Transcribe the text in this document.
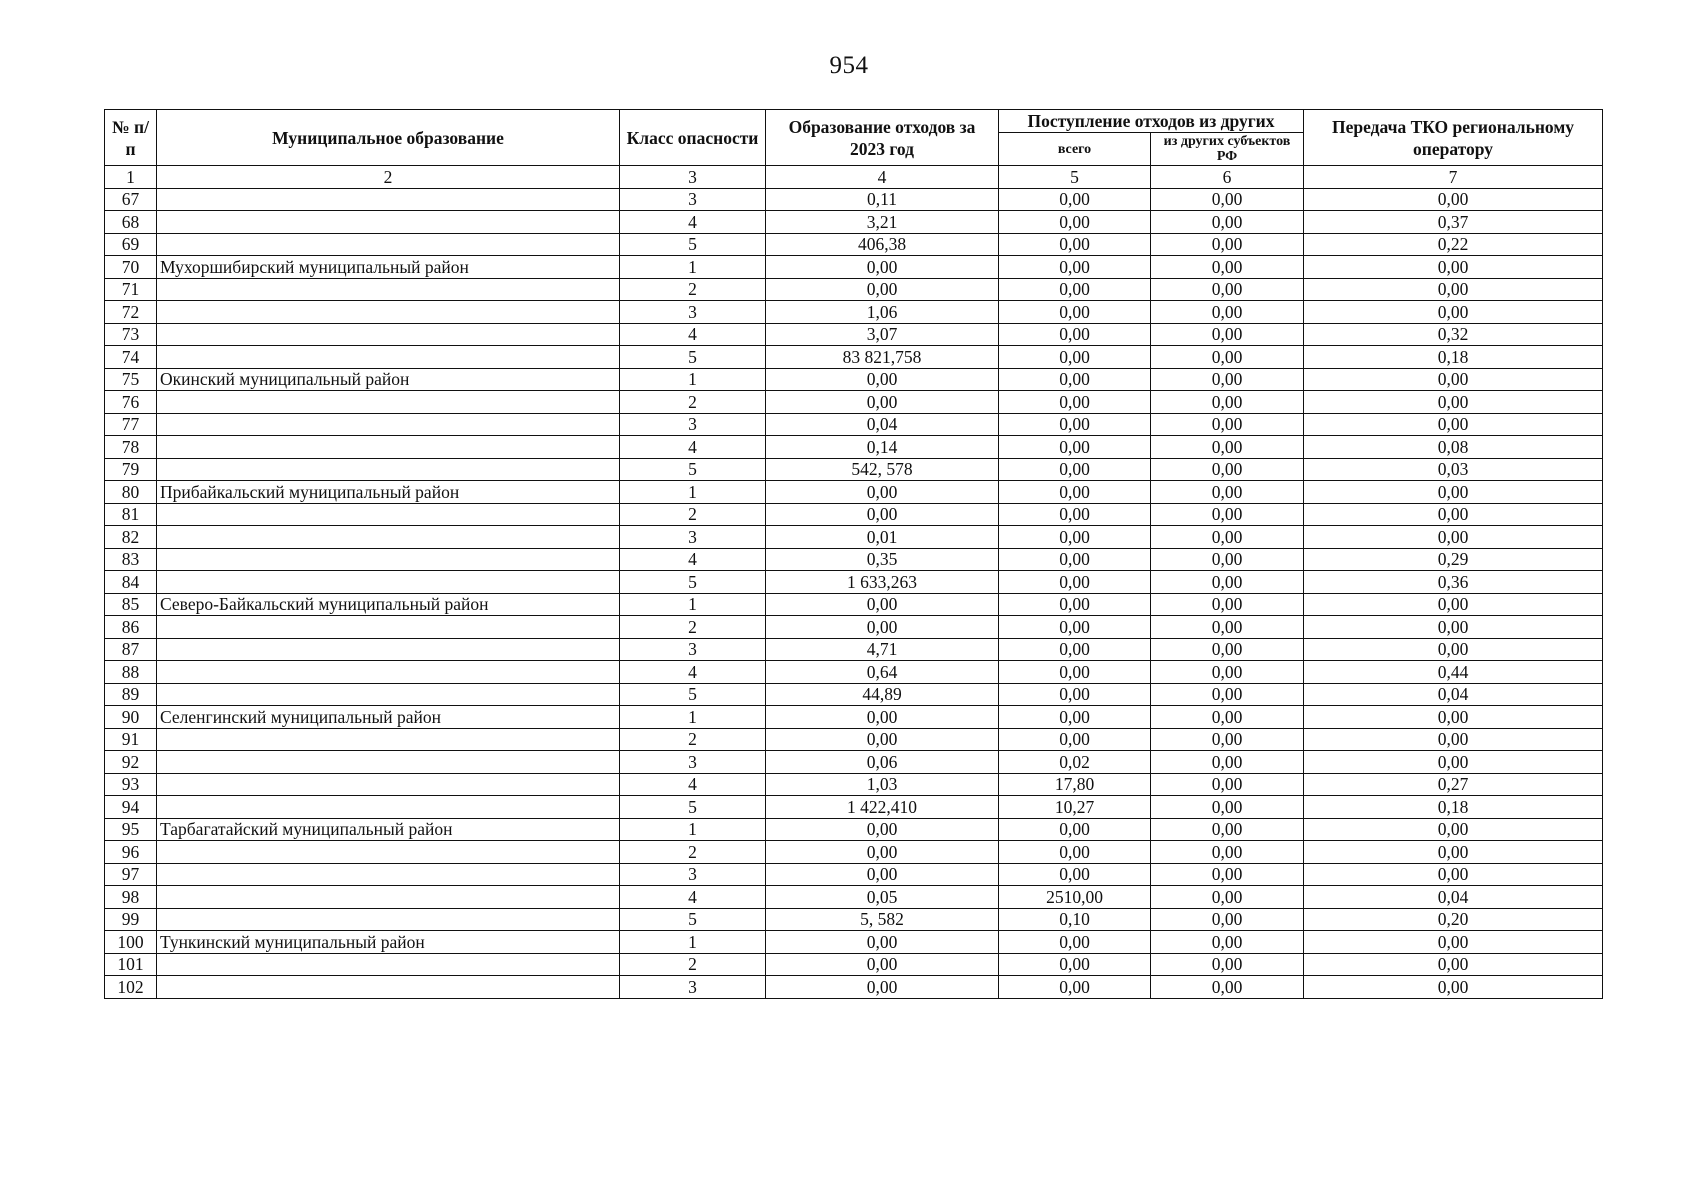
954
№ п/п	Муниципальное образование	Класс опасности	Образование отходов за 2023 год	Поступление отходов из других		Передача ТКО региональному оператору
				всего	из других субъектов РФ	
1	2	3	4	5	6	7
67		3	0,11	0,00	0,00	0,00
68		4	3,21	0,00	0,00	0,37
69		5	406,38	0,00	0,00	0,22
70	Мухоршибирский муниципальный район	1	0,00	0,00	0,00	0,00
71		2	0,00	0,00	0,00	0,00
72		3	1,06	0,00	0,00	0,00
73		4	3,07	0,00	0,00	0,32
74		5	83 821,758	0,00	0,00	0,18
75	Окинский муниципальный район	1	0,00	0,00	0,00	0,00
76		2	0,00	0,00	0,00	0,00
77		3	0,04	0,00	0,00	0,00
78		4	0,14	0,00	0,00	0,08
79		5	542, 578	0,00	0,00	0,03
80	Прибайкальский муниципальный район	1	0,00	0,00	0,00	0,00
81		2	0,00	0,00	0,00	0,00
82		3	0,01	0,00	0,00	0,00
83		4	0,35	0,00	0,00	0,29
84		5	1 633,263	0,00	0,00	0,36
85	Северо-Байкальский муниципальный район	1	0,00	0,00	0,00	0,00
86		2	0,00	0,00	0,00	0,00
87		3	4,71	0,00	0,00	0,00
88		4	0,64	0,00	0,00	0,44
89		5	44,89	0,00	0,00	0,04
90	Селенгинский муниципальный район	1	0,00	0,00	0,00	0,00
91		2	0,00	0,00	0,00	0,00
92		3	0,06	0,02	0,00	0,00
93		4	1,03	17,80	0,00	0,27
94		5	1 422,410	10,27	0,00	0,18
95	Тарбагатайский муниципальный район	1	0,00	0,00	0,00	0,00
96		2	0,00	0,00	0,00	0,00
97		3	0,00	0,00	0,00	0,00
98		4	0,05	2510,00	0,00	0,04
99		5	5, 582	0,10	0,00	0,20
100	Тункинский муниципальный район	1	0,00	0,00	0,00	0,00
101		2	0,00	0,00	0,00	0,00
102		3	0,00	0,00	0,00	0,00
